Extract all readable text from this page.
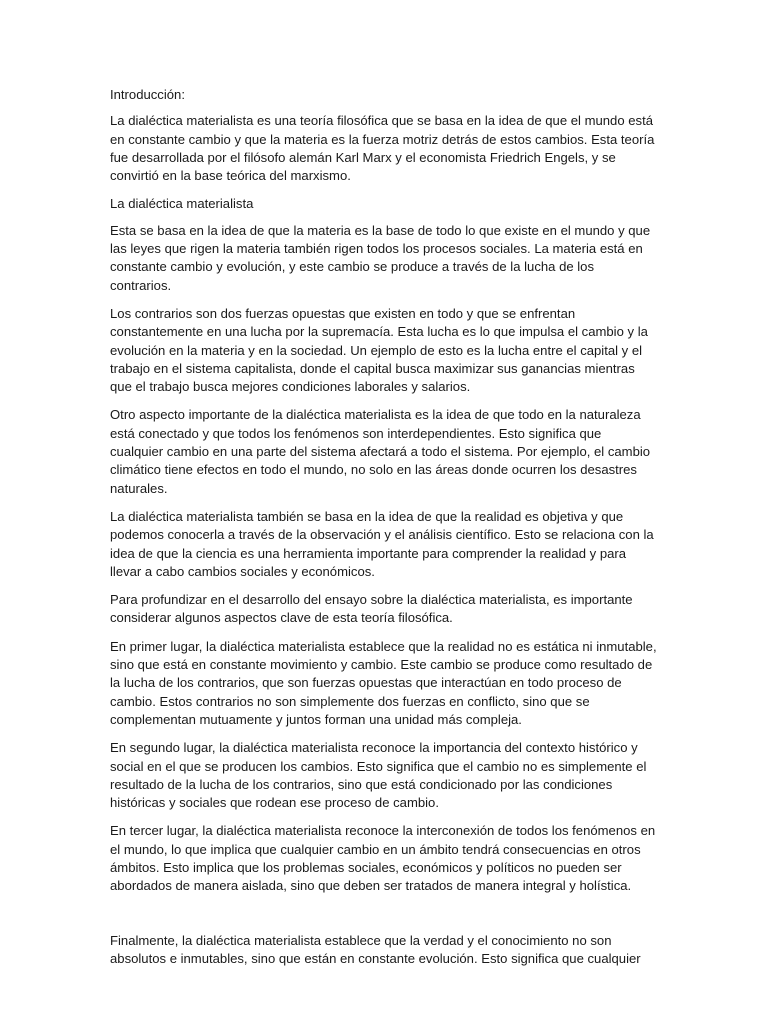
Introducción:

La dialéctica materialista es una teoría filosófica que se basa en la idea de que el mundo está en constante cambio y que la materia es la fuerza motriz detrás de estos cambios. Esta teoría fue desarrollada por el filósofo alemán Karl Marx y el economista Friedrich Engels, y se convirtió en la base teórica del marxismo.

La dialéctica materialista

Esta se basa en la idea de que la materia es la base de todo lo que existe en el mundo y que las leyes que rigen la materia también rigen todos los procesos sociales. La materia está en constante cambio y evolución, y este cambio se produce a través de la lucha de los contrarios.

Los contrarios son dos fuerzas opuestas que existen en todo y que se enfrentan constantemente en una lucha por la supremacía. Esta lucha es lo que impulsa el cambio y la evolución en la materia y en la sociedad. Un ejemplo de esto es la lucha entre el capital y el trabajo en el sistema capitalista, donde el capital busca maximizar sus ganancias mientras que el trabajo busca mejores condiciones laborales y salarios.

Otro aspecto importante de la dialéctica materialista es la idea de que todo en la naturaleza está conectado y que todos los fenómenos son interdependientes. Esto significa que cualquier cambio en una parte del sistema afectará a todo el sistema. Por ejemplo, el cambio climático tiene efectos en todo el mundo, no solo en las áreas donde ocurren los desastres naturales.

La dialéctica materialista también se basa en la idea de que la realidad es objetiva y que podemos conocerla a través de la observación y el análisis científico. Esto se relaciona con la idea de que la ciencia es una herramienta importante para comprender la realidad y para llevar a cabo cambios sociales y económicos.

Para profundizar en el desarrollo del ensayo sobre la dialéctica materialista, es importante considerar algunos aspectos clave de esta teoría filosófica.

En primer lugar, la dialéctica materialista establece que la realidad no es estática ni inmutable, sino que está en constante movimiento y cambio. Este cambio se produce como resultado de la lucha de los contrarios, que son fuerzas opuestas que interactúan en todo proceso de cambio. Estos contrarios no son simplemente dos fuerzas en conflicto, sino que se complementan mutuamente y juntos forman una unidad más compleja.

En segundo lugar, la dialéctica materialista reconoce la importancia del contexto histórico y social en el que se producen los cambios. Esto significa que el cambio no es simplemente el resultado de la lucha de los contrarios, sino que está condicionado por las condiciones históricas y sociales que rodean ese proceso de cambio.

En tercer lugar, la dialéctica materialista reconoce la interconexión de todos los fenómenos en el mundo, lo que implica que cualquier cambio en un ámbito tendrá consecuencias en otros ámbitos. Esto implica que los problemas sociales, económicos y políticos no pueden ser abordados de manera aislada, sino que deben ser tratados de manera integral y holística.

Finalmente, la dialéctica materialista establece que la verdad y el conocimiento no son absolutos e inmutables, sino que están en constante evolución. Esto significa que cualquier
